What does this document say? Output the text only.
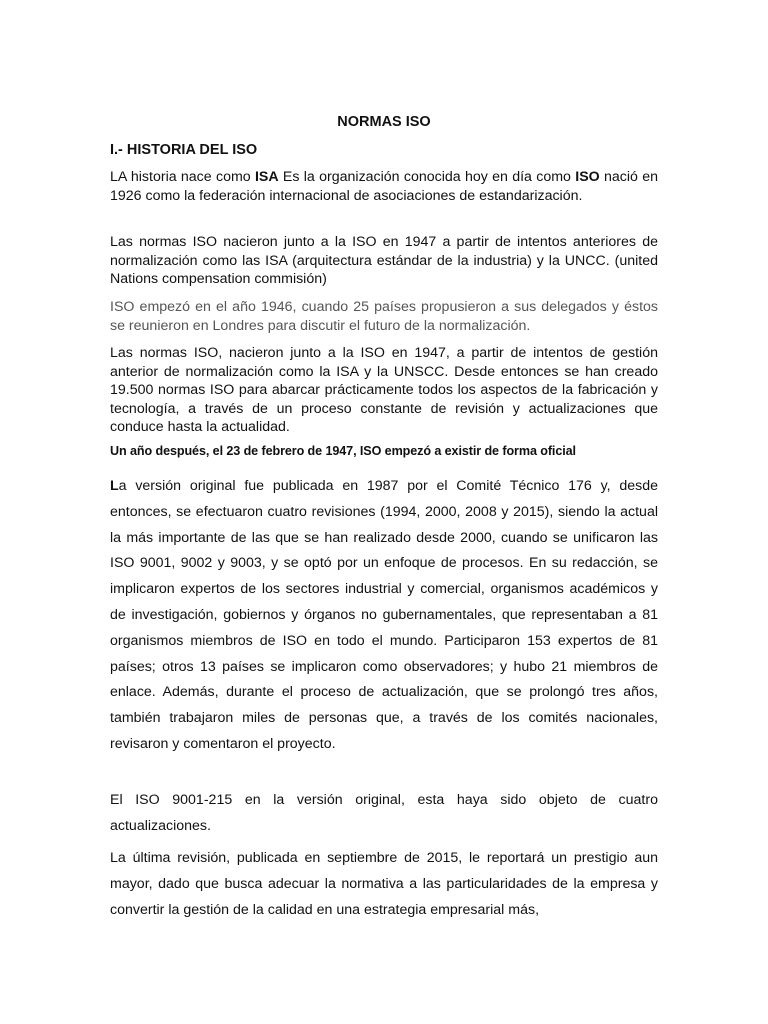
NORMAS ISO
I.- HISTORIA DEL ISO

LA historia nace como ISA Es la organización conocida hoy en día como ISO nació en 1926 como la federación internacional de asociaciones de estandarización.

Las normas ISO nacieron junto a la ISO en 1947 a partir de intentos anteriores de normalización como las ISA (arquitectura estándar de la industria) y la UNCC. (united Nations compensation commisión)

ISO empezó en el año 1946, cuando 25 países propusieron a sus delegados y éstos se reunieron en Londres para discutir el futuro de la normalización.

Las normas ISO, nacieron junto a la ISO en 1947, a partir de intentos de gestión anterior de normalización como la ISA y la UNSCC. Desde entonces se han creado 19.500 normas ISO para abarcar prácticamente todos los aspectos de la fabricación y tecnología, a través de un proceso constante de revisión y actualizaciones que conduce hasta la actualidad.

Un año después, el 23 de febrero de 1947, ISO empezó a existir de forma oficial

La versión original fue publicada en 1987 por el Comité Técnico 176 y, desde entonces, se efectuaron cuatro revisiones (1994, 2000, 2008 y 2015), siendo la actual la más importante de las que se han realizado desde 2000, cuando se unificaron las ISO 9001, 9002 y 9003, y se optó por un enfoque de procesos. En su redacción, se implicaron expertos de los sectores industrial y comercial, organismos académicos y de investigación, gobiernos y órganos no gubernamentales, que representaban a 81 organismos miembros de ISO en todo el mundo. Participaron 153 expertos de 81 países; otros 13 países se implicaron como observadores; y hubo 21 miembros de enlace. Además, durante el proceso de actualización, que se prolongó tres años, también trabajaron miles de personas que, a través de los comités nacionales, revisaron y comentaron el proyecto.

El ISO 9001-215 en la versión original, esta haya sido objeto de cuatro actualizaciones.

La última revisión, publicada en septiembre de 2015, le reportará un prestigio aun mayor, dado que busca adecuar la normativa a las particularidades de la empresa y convertir la gestión de la calidad en una estrategia empresarial más,
